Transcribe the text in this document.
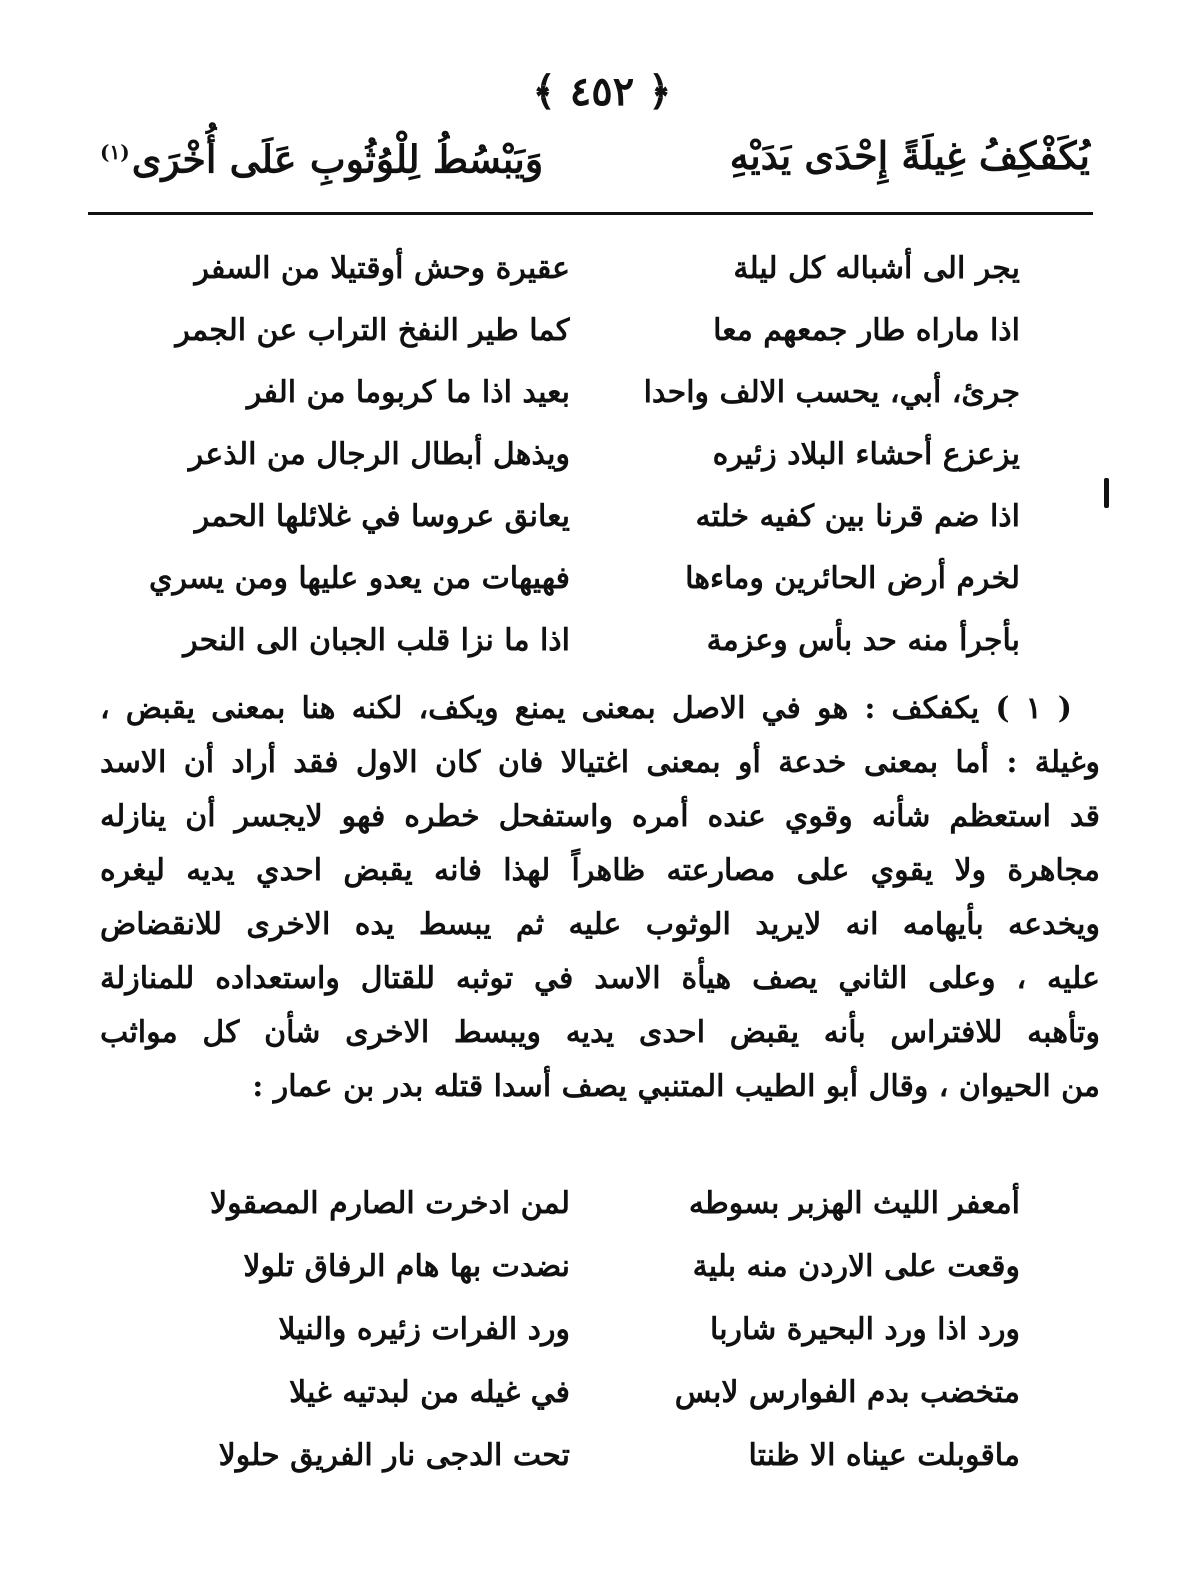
﴿ ٤٥٢ ﴾
يُكَفْكِفُ غِيلَةً إِحْدَى يَدَيْهِ
وَيَبْسُطُ لِلْوُثُوبِ عَلَى أُخْرَى$^{(١)}$
يجر الى أشباله كل ليلة
عقيرة وحش أوقتيلا من السفر
اذا ماراه طار جمعهم معا
كما طير النفخ التراب عن الجمر
جرئ، أبي، يحسب الالف واحدا
بعيد اذا ما كربوما من الفر
يزعزع أحشاء البلاد زئيره
ويذهل أبطال الرجال من الذعر
اذا ضم قرنا بين كفيه خلته
يعانق عروسا في غلائلها الحمر
لخرم أرض الحائرين وماءها
فهيهات من يعدو عليها ومن يسري
بأجرأ منه حد بأس وعزمة
اذا ما نزا قلب الجبان الى النحر

( ١ ) يكفكف : هو في الاصل بمعنى يمنع ويكف، لكنه هنا بمعنى يقبض ،

وغيلة : أما بمعنى خدعة أو بمعنى اغتيالا فان كان الاول فقد أراد أن الاسد

قد استعظم شأنه وقوي عنده أمره واستفحل خطره فهو لايجسر أن ينازله

مجاهرة ولا يقوي على مصارعته ظاهراً لهذا فانه يقبض احدي يديه ليغره

ويخدعه بأيهامه انه لايريد الوثوب عليه ثم يبسط يده الاخرى للانقضاض

عليه ، وعلى الثاني يصف هيأة الاسد في توثبه للقتال واستعداده للمنازلة

وتأهبه للافتراس بأنه يقبض احدى يديه ويبسط الاخرى شأن كل مواثب

من الحيوان ، وقال أبو الطيب المتنبي يصف أسدا قتله بدر بن عمار :

أمعفر الليث الهزبر بسوطه
لمن ادخرت الصارم المصقولا
وقعت على الاردن منه بلية
نضدت بها هام الرفاق تلولا
ورد اذا ورد البحيرة شاربا
ورد الفرات زئيره والنيلا
متخضب بدم الفوارس لابس
في غيله من لبدتيه غيلا
ماقوبلت عيناه الا ظنتا
تحت الدجى نار الفريق حلولا
